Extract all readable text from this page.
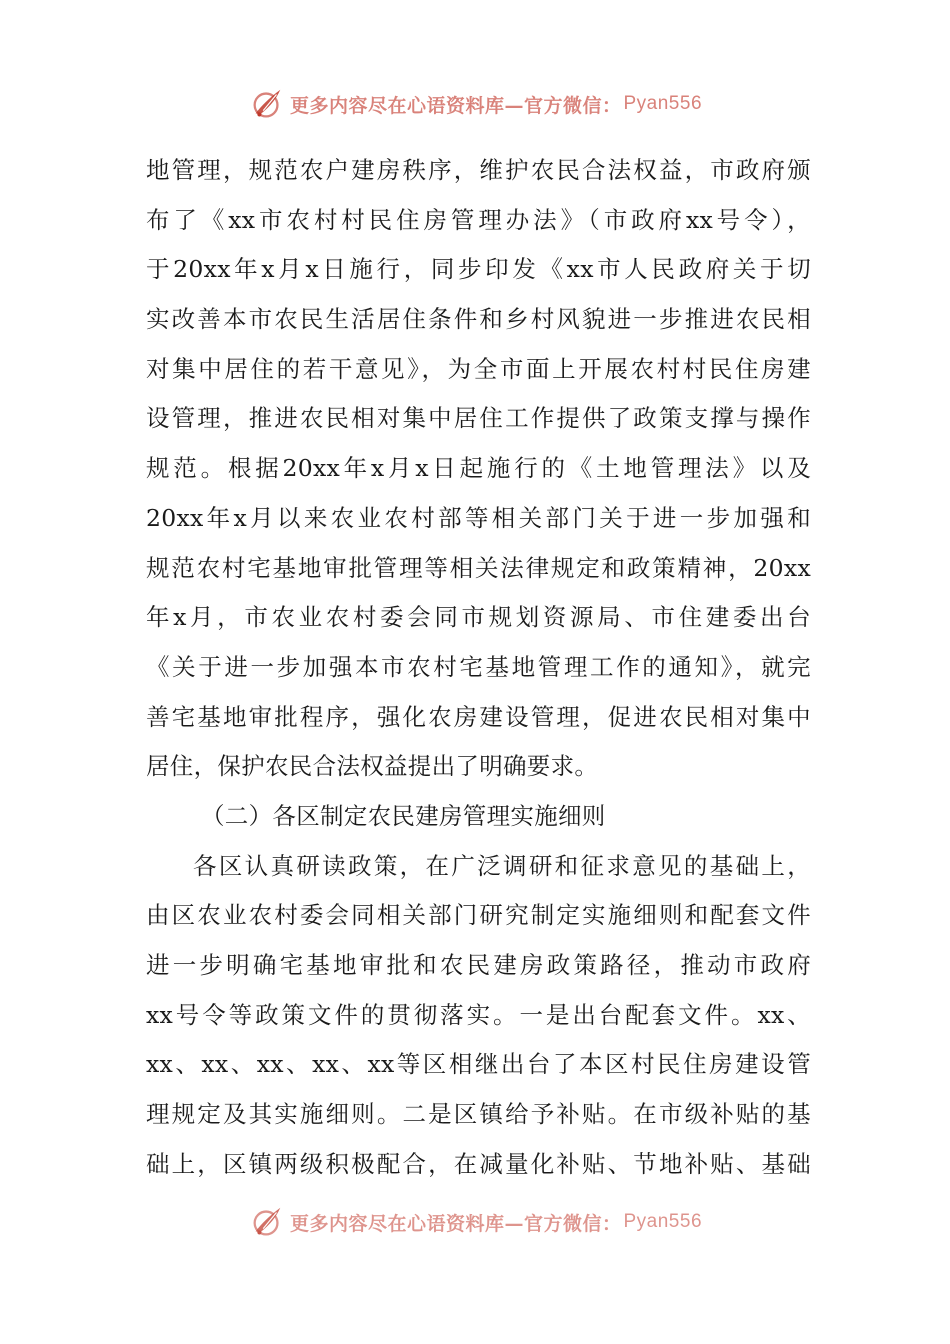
更多内容尽在心语资料库—官方微信： Pyan556
地管理，规范农户建房秩序，维护农民合法权益，市政府颁
布了《xx市农村村民住房管理办法》（市政府xx号令），
于20xx年x月x日施行，同步印发《xx市人民政府关于切
实改善本市农民生活居住条件和乡村风貌进一步推进农民相
对集中居住的若干意见》，为全市面上开展农村村民住房建
设管理，推进农民相对集中居住工作提供了政策支撑与操作
规范。根据20xx年x月x日起施行的《土地管理法》以及
20xx年x月以来农业农村部等相关部门关于进一步加强和
规范农村宅基地审批管理等相关法律规定和政策精神，20xx
年x月，市农业农村委会同市规划资源局、市住建委出台
《关于进一步加强本市农村宅基地管理工作的通知》，就完
善宅基地审批程序，强化农房建设管理，促进农民相对集中
居住，保护农民合法权益提出了明确要求。
（二）各区制定农民建房管理实施细则
各区认真研读政策，在广泛调研和征求意见的基础上，
由区农业农村委会同相关部门研究制定实施细则和配套文件
进一步明确宅基地审批和农民建房政策路径，推动市政府
xx号令等政策文件的贯彻落实。一是出台配套文件。xx、
xx、xx、xx、xx、xx等区相继出台了本区村民住房建设管
理规定及其实施细则。二是区镇给予补贴。在市级补贴的基
础上，区镇两级积极配合，在减量化补贴、节地补贴、基础
更多内容尽在心语资料库—官方微信： Pyan556
